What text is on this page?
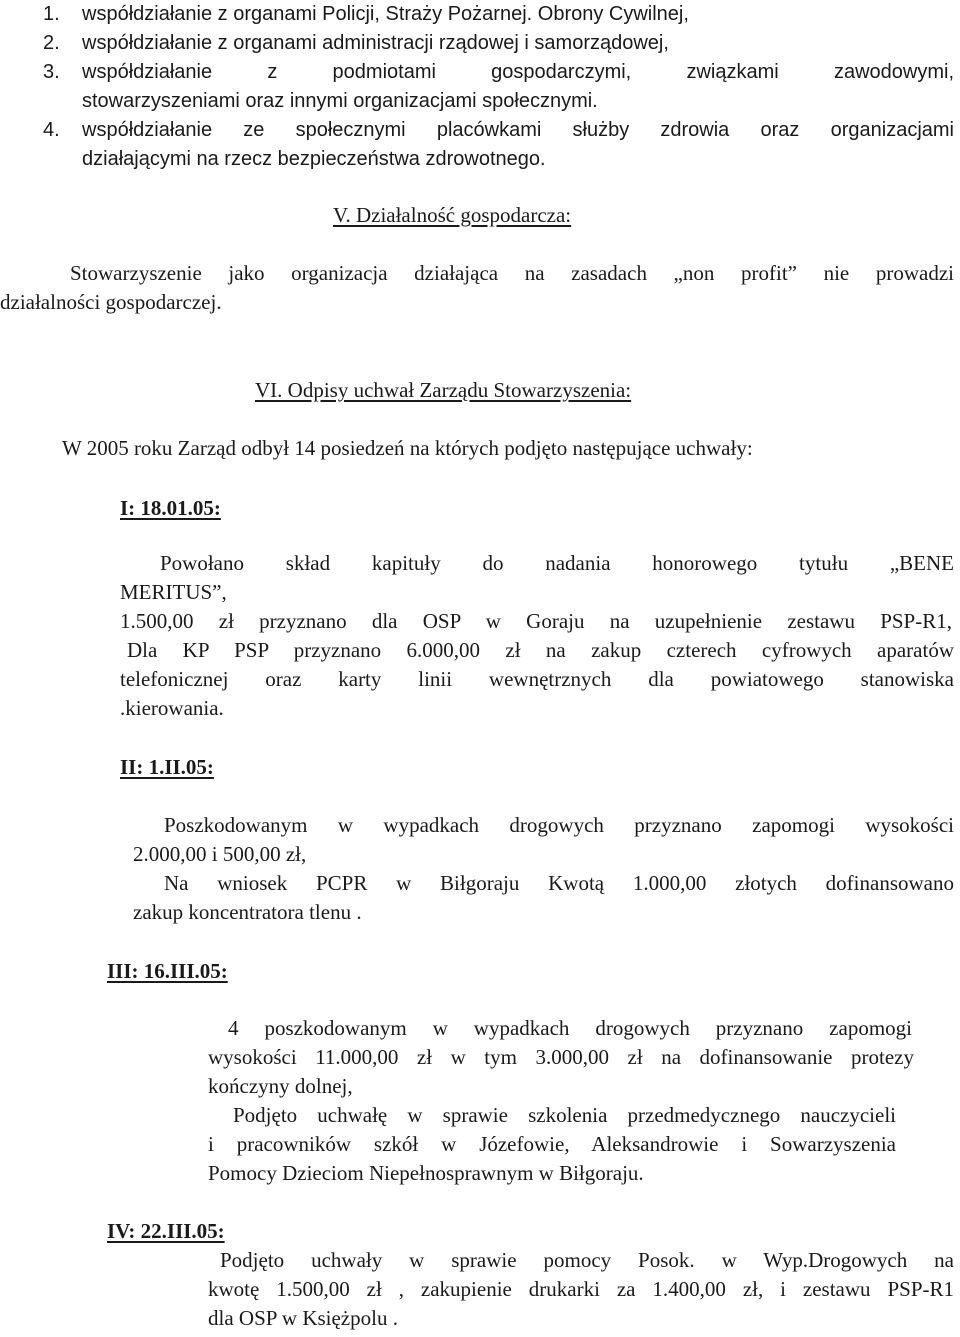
1. współdziałanie z organami Policji, Straży Pożarnej. Obrony Cywilnej,
2. współdziałanie z organami administracji rządowej i samorządowej,
3. współdziałanie z podmiotami gospodarczymi, związkami zawodowymi,
stowarzyszeniami oraz innymi organizacjami społecznymi.
4. współdziałanie ze społecznymi placówkami służby zdrowia oraz organizacjami
działającymi na rzecz bezpieczeństwa zdrowotnego.
V. Działalność gospodarcza:
Stowarzyszenie jako organizacja działająca na zasadach „non profit” nie prowadzi
działalności gospodarczej.
VI. Odpisy uchwał Zarządu Stowarzyszenia:
W 2005 roku Zarząd odbył 14 posiedzeń na których podjęto następujące uchwały:
I: 18.01.05:
Powołano skład kapituły do nadania honorowego tytułu „BENE
MERITUS”,
1.500,00 zł przyznano dla OSP w Goraju na uzupełnienie zestawu PSP-R1,
Dla KP PSP przyznano 6.000,00 zł na zakup czterech cyfrowych aparatów
telefonicznej oraz karty linii wewnętrznych dla powiatowego stanowiska
.kierowania.
II: 1.II.05:
Poszkodowanym w wypadkach drogowych przyznano zapomogi wysokości
2.000,00 i 500,00 zł,
Na wniosek PCPR w Biłgoraju Kwotą 1.000,00 złotych dofinansowano
zakup koncentratora tlenu .
III: 16.III.05:
4 poszkodowanym w wypadkach drogowych przyznano zapomogi
wysokości 11.000,00 zł w tym 3.000,00 zł na dofinansowanie protezy
kończyny dolnej,
Podjęto uchwałę w sprawie szkolenia przedmedycznego nauczycieli
i pracowników szkół w Józefowie, Aleksandrowie i Sowarzyszenia
Pomocy Dzieciom Niepełnosprawnym w Biłgoraju.
IV: 22.III.05:
Podjęto uchwały w sprawie pomocy Posok. w Wyp.Drogowych na
kwotę 1.500,00 zł , zakupienie drukarki za 1.400,00 zł, i zestawu PSP-R1
dla OSP w Księżpolu .
